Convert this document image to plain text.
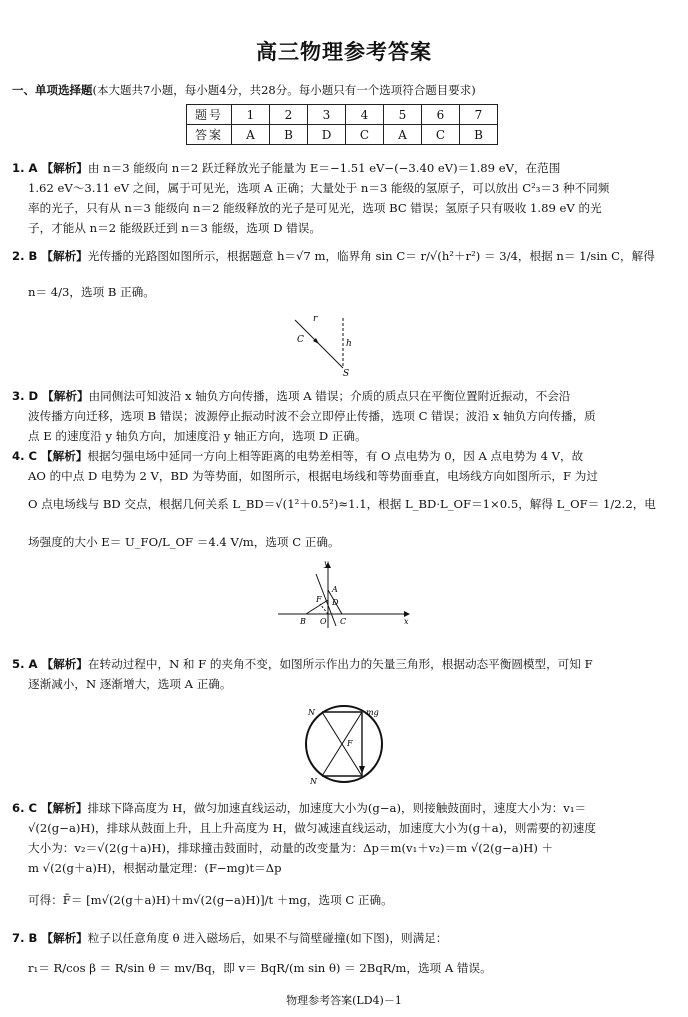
高三物理参考答案
一、单项选择题(本大题共7小题，每小题4分，共28分。每小题只有一个选项符合题目要求)
题号	1	2	3	4	5	6	7
答案	A	B	D	C	A	C	B

1. A 【解析】由 n＝3 能级向 n＝2 跃迁释放光子能量为 E＝−1.51 eV−(−3.40 eV)＝1.89 eV，在范围

1.62 eV～3.11 eV 之间，属于可见光，选项 A 正确；大量处于 n＝3 能级的氢原子，可以放出 C²₃＝3 种不同频

率的光子，只有从 n＝3 能级向 n＝2 能级释放的光子是可见光，选项 BC 错误；氢原子只有吸收 1.89 eV 的光

子，才能从 n＝2 能级跃迁到 n＝3 能级，选项 D 错误。

2. B 【解析】光传播的光路图如图所示，根据题意 h＝√7 m，临界角 sin C＝ r/√(h²＋r²) ＝ 3/4，根据 n＝ 1/sin C，解得

n＝ 4/3，选项 B 正确。

r
C	h
S

3. D 【解析】由同侧法可知波沿 x 轴负方向传播，选项 A 错误；介质的质点只在平衡位置附近振动，不会沿

波传播方向迁移，选项 B 错误；波源停止振动时波不会立即停止传播，选项 C 错误；波沿 x 轴负方向传播，质

点 E 的速度沿 y 轴负方向，加速度沿 y 轴正方向，选项 D 正确。

4. C 【解析】根据匀强电场中延同一方向上相等距离的电势差相等，有 O 点电势为 0，因 A 点电势为 4 V，故

AO 的中点 D 电势为 2 V，BD 为等势面，如图所示，根据电场线和等势面垂直，电场线方向如图所示，F 为过

O 点电场线与 BD 交点，根据几何关系 L_BD＝√(1²＋0.5²)≈1.1，根据 L_BD·L_OF＝1×0.5，解得 L_OF＝ 1/2.2，电

场强度的大小 E＝ U_FO/L_OF ＝4.4 V/m，选项 C 正确。

y
A
D
F
B O C	x

5. A 【解析】在转动过程中，N 和 F 的夹角不变，如图所示作出力的矢量三角形，根据动态平衡圆模型，可知 F

逐渐减小，N 逐渐增大，选项 A 正确。

N	mg
F
N

6. C 【解析】排球下降高度为 H，做匀加速直线运动，加速度大小为(g−a)，则接触鼓面时，速度大小为：v₁＝

√(2(g−a)H)，排球从鼓面上升，且上升高度为 H，做匀减速直线运动，加速度大小为(g＋a)，则需要的初速度

大小为：v₂＝√(2(g＋a)H)，排球撞击鼓面时，动量的改变量为：Δp＝m(v₁＋v₂)＝m √(2(g−a)H) ＋

m √(2(g＋a)H)，根据动量定理：(F−mg)t＝Δp

可得：F̄＝ [m√(2(g＋a)H)＋m√(2(g−a)H)]/t ＋mg，选项 C 正确。

7. B 【解析】粒子以任意角度 θ 进入磁场后，如果不与简壁碰撞(如下图)，则满足：

r₁＝ R/cos β ＝ R/sin θ ＝ mv/Bq，即 v＝ BqR/(m sin θ) ＝ 2BqR/m，选项 A 错误。

物理参考答案(LD4)－1
